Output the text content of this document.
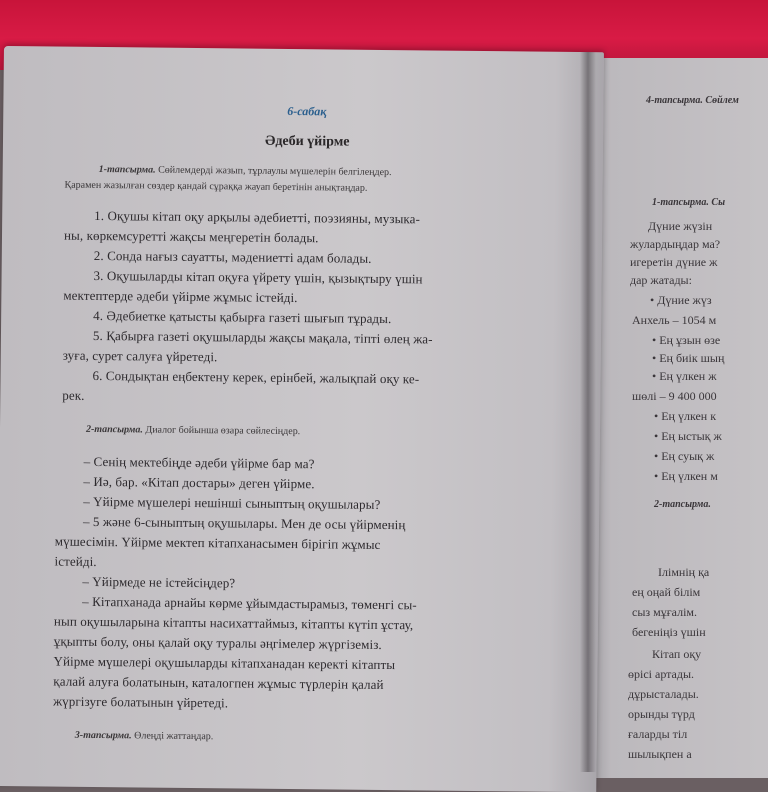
4-тапсырма. Сөйлем
1-тапсырма. Сы
Дүние жүзін
жулардыңдар ма?
игеретін дүние ж
дар жатады:
• Дүние жүз
Анхель – 1054 м
• Ең ұзын өзе
• Ең биік шың
• Ең үлкен ж
шөлі – 9 400 000
• Ең үлкен к
• Ең ыстық ж
• Ең суық ж
• Ең үлкен м
2-тапсырма.
Ілімнің қа
ең оңай білім
сыз мұғалім.
бегеніңіз үшін
Кітап оқу
өрісі артады.
дұрысталады.
орынды түрд
ғаларды тіл
шылықпен а
6-сабақ
Әдеби үйірме
1-тапсырма. Сөйлемдерді жазып, тұрлаулы мүшелерін белгілеңдер.
Қарамен жазылған сөздер қандай сұраққа жауап беретінін анықтаңдар.
1. Оқушы кітап оқу арқылы әдебиетті, поэзияны, музыка-
ны, көркемсуретті жақсы меңгеретін болады.
2. Сонда нағыз сауатты, мәдениетті адам болады.
3. Оқушыларды кітап оқуға үйрету үшін, қызықтыру үшін
мектептерде әдеби үйірме жұмыс істейді.
4. Әдебиетке қатысты қабырға газеті шығып тұрады.
5. Қабырға газеті оқушыларды жақсы мақала, тіпті өлең жа-
зуға, сурет салуға үйретеді.
6. Сондықтан еңбектену керек, ерінбей, жалықпай оқу ке-
рек.
2-тапсырма. Диалог бойынша өзара сөйлесіңдер.
– Сенің мектебіңде әдеби үйірме бар ма?
– Иә, бар. «Кітап достары» деген үйірме.
– Үйірме мүшелері нешінші сыныптың оқушылары?
– 5 және 6-сыныптың оқушылары. Мен де осы үйірменің
мүшесімін. Үйірме мектеп кітапханасымен бірігіп жұмыс
істейді.
– Үйірмеде не істейсіңдер?
– Кітапханада арнайы көрме ұйымдастырамыз, төменгі сы-
нып оқушыларына кітапты насихаттаймыз, кітапты күтіп ұстау,
ұқыпты болу, оны қалай оқу туралы әңгімелер жүргіземіз.
Үйірме мүшелері оқушыларды кітапханадан керекті кітапты
қалай алуға болатынын, каталогпен жұмыс түрлерін қалай
жүргізуге болатынын үйретеді.
3-тапсырма. Өлеңді жаттаңдар.
